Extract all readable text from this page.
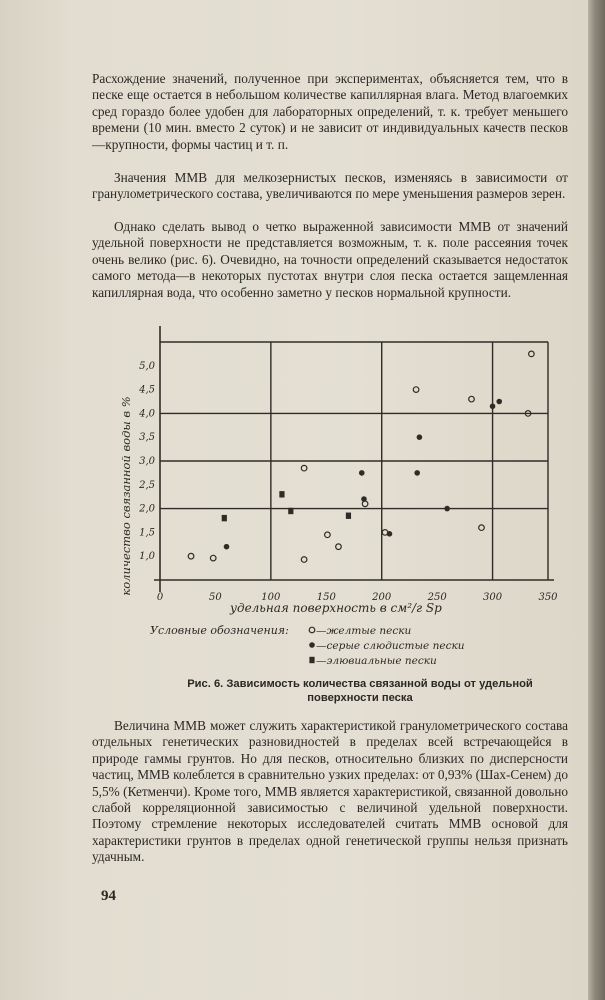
Расхождение значений, полученное при экспериментах, объясняется тем, что в песке еще остается в небольшом количестве капиллярная влага. Метод влагоемких сред гораздо более удобен для лабораторных определений, т. к. требует меньшего времени (10 мин. вместо 2 суток) и не зависит от индивидуальных качеств песков—крупности, формы частиц и т. п.

Значения ММВ для мелкозернистых песков, изменяясь в зависимости от гранулометрического состава, увеличиваются по мере уменьшения размеров зерен.

Однако сделать вывод о четко выраженной зависимости ММВ от значений удельной поверхности не представляется возможным, т. к. поле рассеяния точек очень велико (рис. 6). Очевидно, на точности определений сказывается недостаток самого метода—в некоторых пустотах внутри слоя песка остается защемленная капиллярная вода, что особенно заметно у песков нормальной крупности.

0	50	100	150	200	250	300	350
1,0
1,5
2,0
2,5
3,0
3,5
4,0
4,5
5,0
количество связанной воды в %
удельная поверхность в см²/г Sp
Условные обозначения:	—желтые пески
—серые слюдистые пески
—элювиальные пески
Рис. 6. Зависимость количества связанной воды от удельной
поверхности песка

Величина ММВ может служить характеристикой гранулометрического состава отдельных генетических разновидностей в пределах всей встречающейся в природе гаммы грунтов. Но для песков, относительно близких по дисперсности частиц, ММВ колеблется в сравнительно узких пределах: от 0,93% (Шах-Сенем) до 5,5% (Кетменчи). Кроме того, ММВ является характеристикой, связанной довольно слабой корреляционной зависимостью с величиной удельной поверхности. Поэтому стремление некоторых исследователей считать ММВ основой для характеристики грунтов в пределах одной генетической группы нельзя признать удачным.

94
